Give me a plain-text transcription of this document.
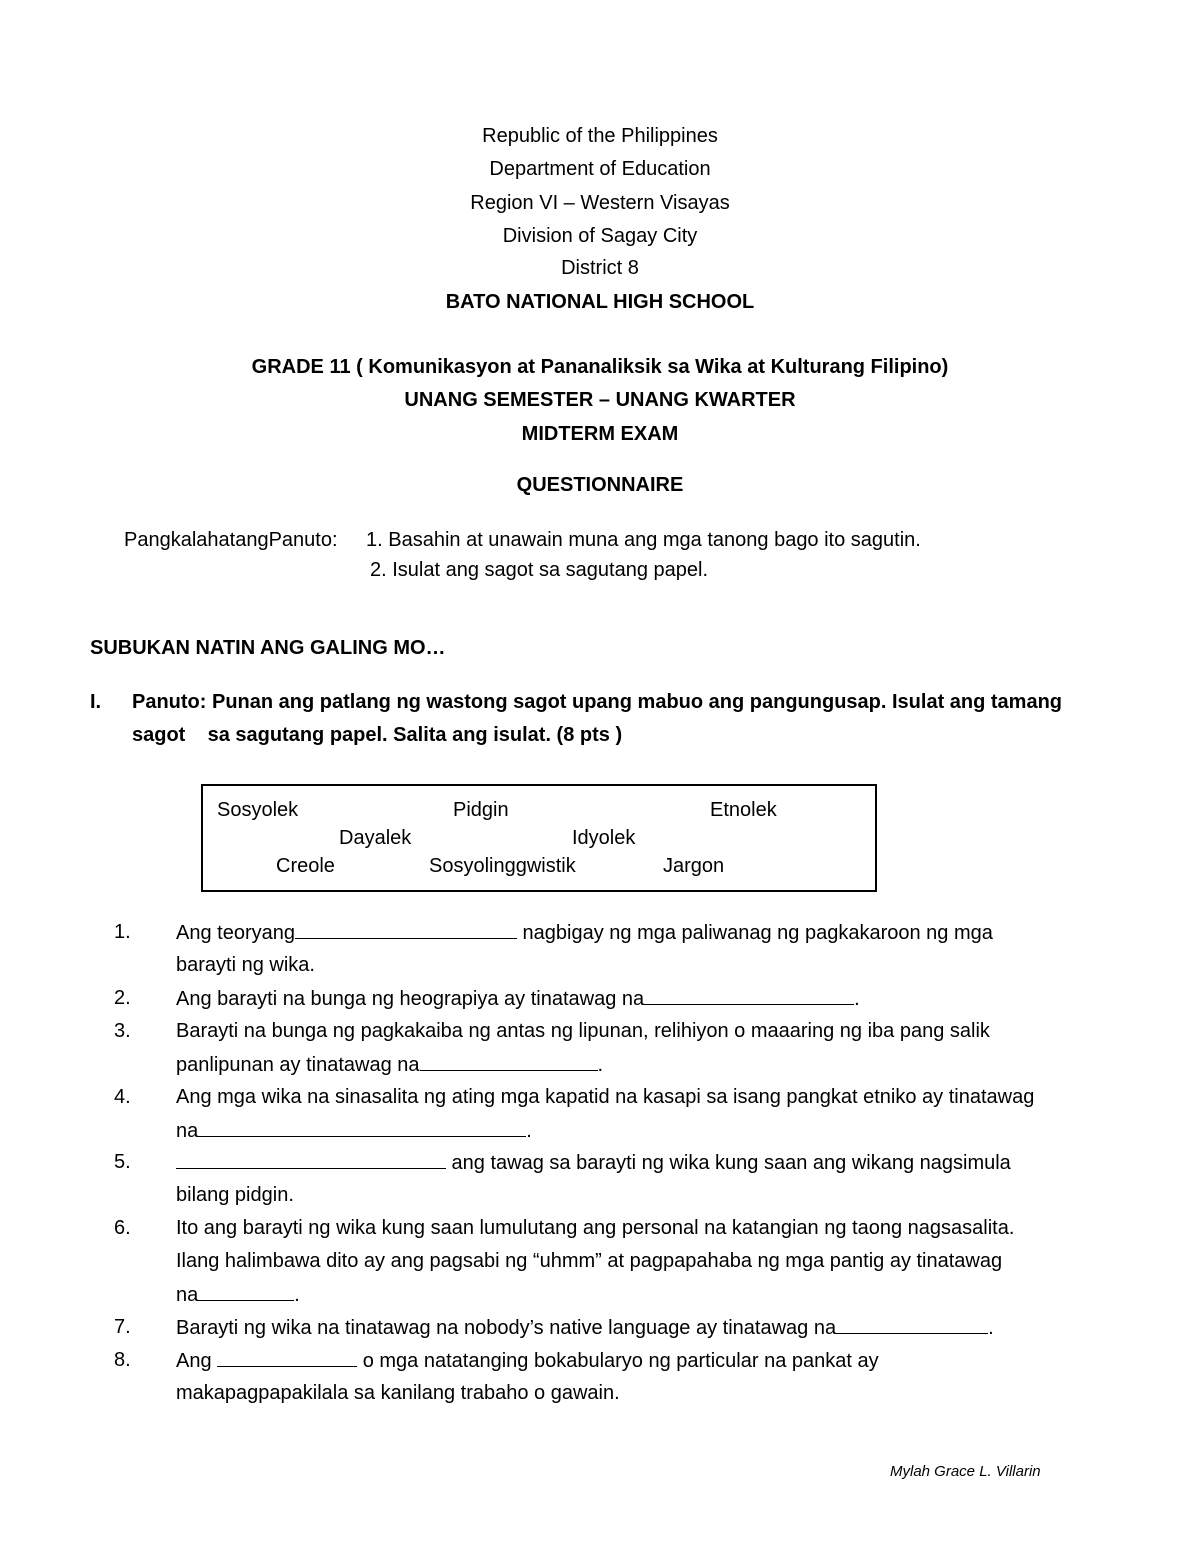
Republic of the Philippines
Department of Education
Region VI – Western Visayas
Division of Sagay City
District 8
BATO NATIONAL HIGH SCHOOL
GRADE 11 ( Komunikasyon at Pananaliksik sa Wika at Kulturang Filipino)
UNANG SEMESTER – UNANG KWARTER
MIDTERM EXAM
QUESTIONNAIRE
PangkalahatangPanuto: 1. Basahin at unawain muna ang mga tanong bago ito sagutin.
2. Isulat ang sagot sa sagutang papel.
SUBUKAN NATIN ANG GALING MO…
I. Panuto: Punan ang patlang ng wastong sagot upang mabuo ang pangungusap. Isulat ang tamang
sagot    sa sagutang papel. Salita ang isulat. (8 pts )
Sosyolek	Pidgin	Etnolek
Dayalek	Idyolek
Creole	Sosyolinggwistik	Jargon
1. Ang teoryang	nagbigay ng mga paliwanag ng pagkakaroon ng mga
barayti ng wika.
2. Ang barayti na bunga ng heograpiya ay tinatawag na	.
3. Barayti na bunga ng pagkakaiba ng antas ng lipunan, relihiyon o maaaring ng iba pang salik
panlipunan ay tinatawag na	.
4. Ang mga wika na sinasalita ng ating mga kapatid na kasapi sa isang pangkat etniko ay tinatawag
na	.
5.	ang tawag sa barayti ng wika kung saan ang wikang nagsimula
bilang pidgin.
6. Ito ang barayti ng wika kung saan lumulutang ang personal na katangian ng taong nagsasalita.
Ilang halimbawa dito ay ang pagsabi ng “uhmm” at pagpapahaba ng mga pantig ay tinatawag
na	.
7. Barayti ng wika na tinatawag na nobody’s native language ay tinatawag na	.
8. Ang	o mga natatanging bokabularyo ng particular na pankat ay
makapagpapakilala sa kanilang trabaho o gawain.
Mylah Grace L. Villarin
